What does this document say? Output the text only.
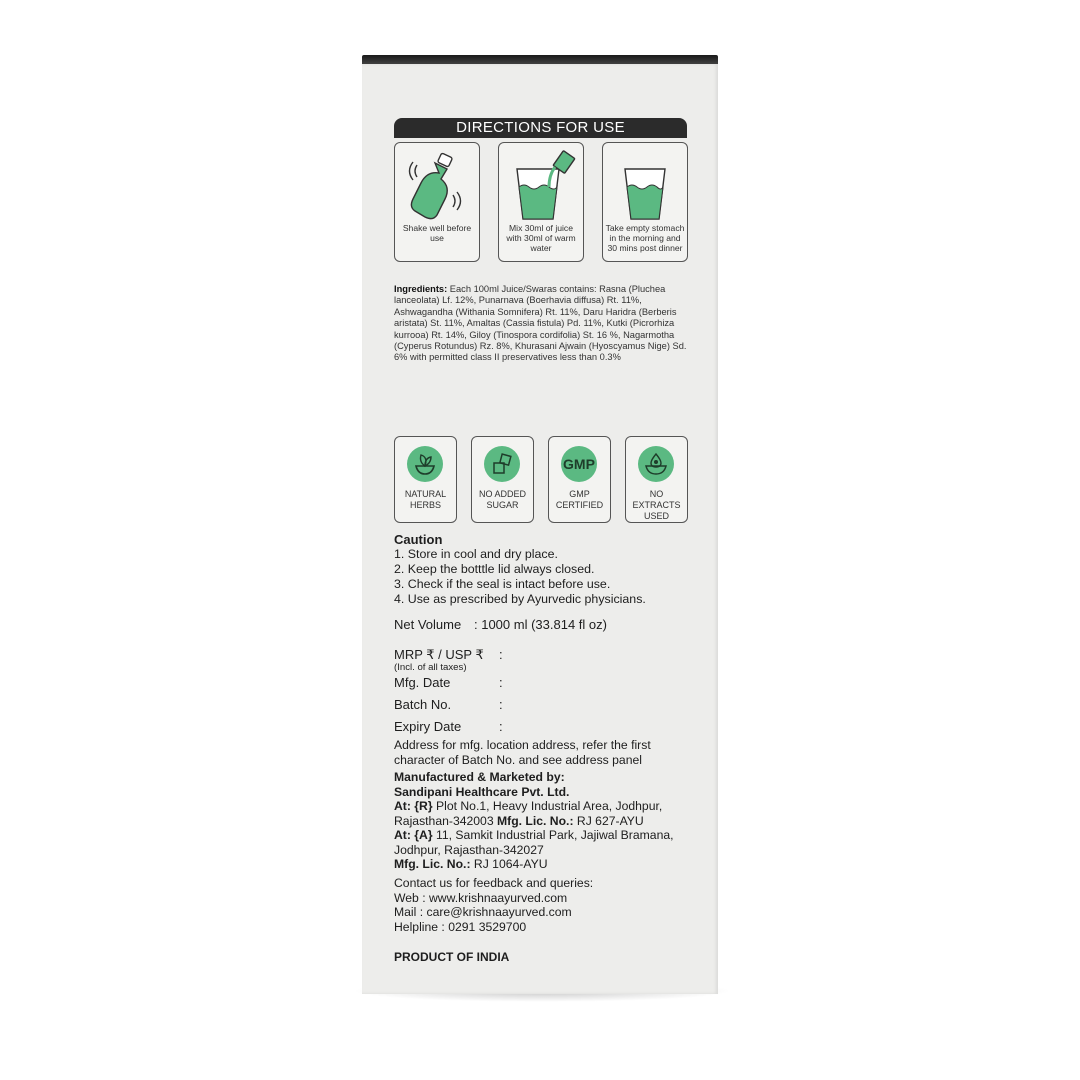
DIRECTIONS FOR USE
Shake well before use
Mix 30ml of juice with 30ml of warm water
Take empty stomach in the morning and 30 mins post dinner
Ingredients: Each 100ml Juice/Swaras contains: Rasna (Pluchea lanceolata) Lf. 12%, Punarnava (Boerhavia diffusa) Rt. 11%, Ashwagandha (Withania Somnifera) Rt. 11%, Daru Haridra (Berberis aristata) St. 11%, Amaltas (Cassia fistula) Pd. 11%, Kutki (Picrorhiza kurrooa) Rt. 14%, Giloy (Tinospora cordifolia) St. 16 %, Nagarmotha (Cyperus Rotundus) Rz. 8%, Khurasani Ajwain (Hyoscyamus Nige) Sd. 6% with permitted class II preservatives less than 0.3%
NATURAL HERBS
NO ADDED SUGAR
GMP
GMP CERTIFIED
NO EXTRACTS USED
Caution
1. Store in cool and dry place.
2. Keep the botttle lid always closed.
3. Check if the seal is intact before use.
4. Use as prescribed by Ayurvedic physicians.
Net Volume : 1000 ml (33.814 fl oz)
MRP ₹ / USP ₹ :
(Incl. of all taxes)
Mfg. Date	:
Batch No.	:
Expiry Date	:
Address for mfg. location address, refer the first character of Batch No. and see address panel
Manufactured & Marketed by:
Sandipani Healthcare Pvt. Ltd.
At: {R} Plot No.1, Heavy Industrial Area, Jodhpur, Rajasthan-342003 Mfg. Lic. No.: RJ 627-AYU
At: {A} 11, Samkit Industrial Park, Jajiwal Bramana, Jodhpur, Rajasthan-342027
Mfg. Lic. No.: RJ 1064-AYU
Contact us for feedback and queries:
Web : www.krishnaayurved.com
Mail : care@krishnaayurved.com
Helpline : 0291 3529700
PRODUCT OF INDIA
